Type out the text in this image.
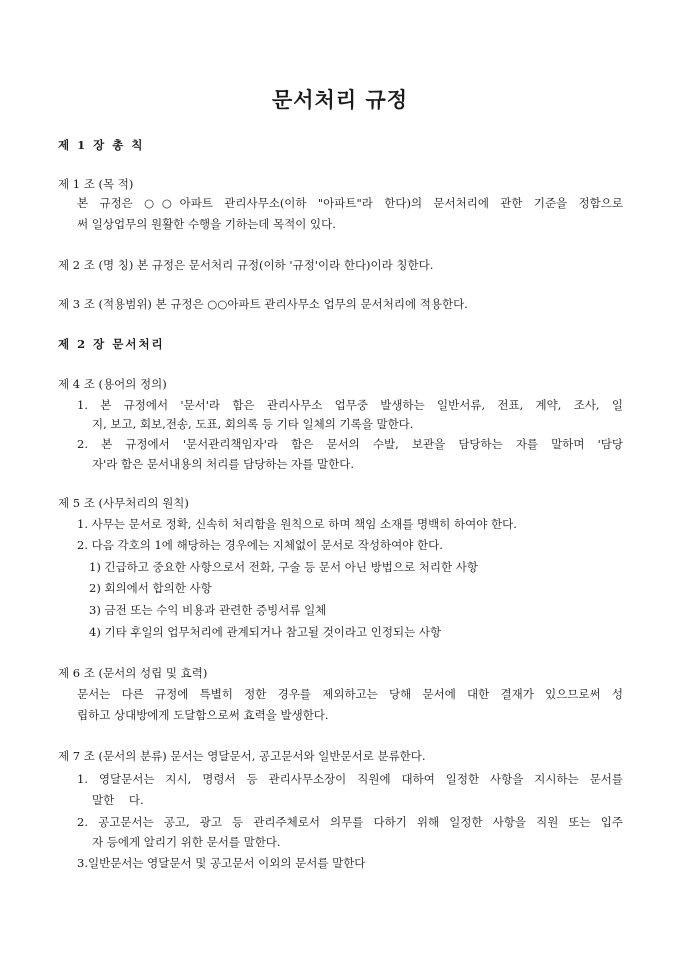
문서처리 규정
제 1 장 총 칙
제 1 조 (목 적)
본 규정은 ○○아파트 관리사무소(이하 "아파트"라 한다)의 문서처리에 관한 기준을 정함으로
써 일상업무의 원활한 수행을 기하는데 목적이 있다.
제 2 조 (명 칭) 본 규정은 문서처리 규정(이하 '규정'이라 한다)이라 칭한다.
제 3 조 (적용범위) 본 규정은 ○○아파트 관리사무소 업무의 문서처리에 적용한다.
제 2 장 문서처리
제 4 조 (용어의 정의)
1. 본 규정에서 '문서'라 함은 관리사무소 업무중 발생하는 일반서류, 전표, 계약, 조사, 일
지, 보고, 회보,전송, 도표, 회의록 등 기타 일체의 기록을 말한다.
2. 본 규정에서 '문서관리책임자'라 함은 문서의 수발, 보관을 담당하는 자를 말하며 '담당
자'라 함은 문서내용의 처리를 담당하는 자를 말한다.
제 5 조 (사무처리의 원칙)
1. 사무는 문서로 정확, 신속히 처리함을 원칙으로 하며 책임 소재를 명백히 하여야 한다.
2. 다음 각호의 1에 해당하는 경우에는 지체없이 문서로 작성하여야 한다.
1) 긴급하고 중요한 사항으로서 전화, 구술 등 문서 아닌 방법으로 처리한 사항
2) 회의에서 합의한 사항
3) 금전 또는 수익 비용과 관련한 증빙서류 일체
4) 기타 후일의 업무처리에 관계되거나 참고될 것이라고 인정되는 사항
제 6 조 (문서의 성립 및 효력)
문서는 다른 규정에 특별히 정한 경우를 제외하고는 당해 문서에 대한 결재가 있으므로써 성
립하고 상대방에게 도달함으로써 효력을 발생한다.
제 7 조 (문서의 분류) 문서는 영달문서, 공고문서와 일반문서로 분류한다.
1. 영달문서는 지시, 명령서 등 관리사무소장이 직원에 대하여 일정한 사항을 지시하는 문서를
말한    다.
2. 공고문서는 공고, 광고 등 관리주체로서 의무를 다하기 위해 일정한 사항을 직원 또는 입주
자 등에게 알리기 위한 문서를 말한다.
3.일반문서는 영달문서 및 공고문서 이외의 문서를 말한다
